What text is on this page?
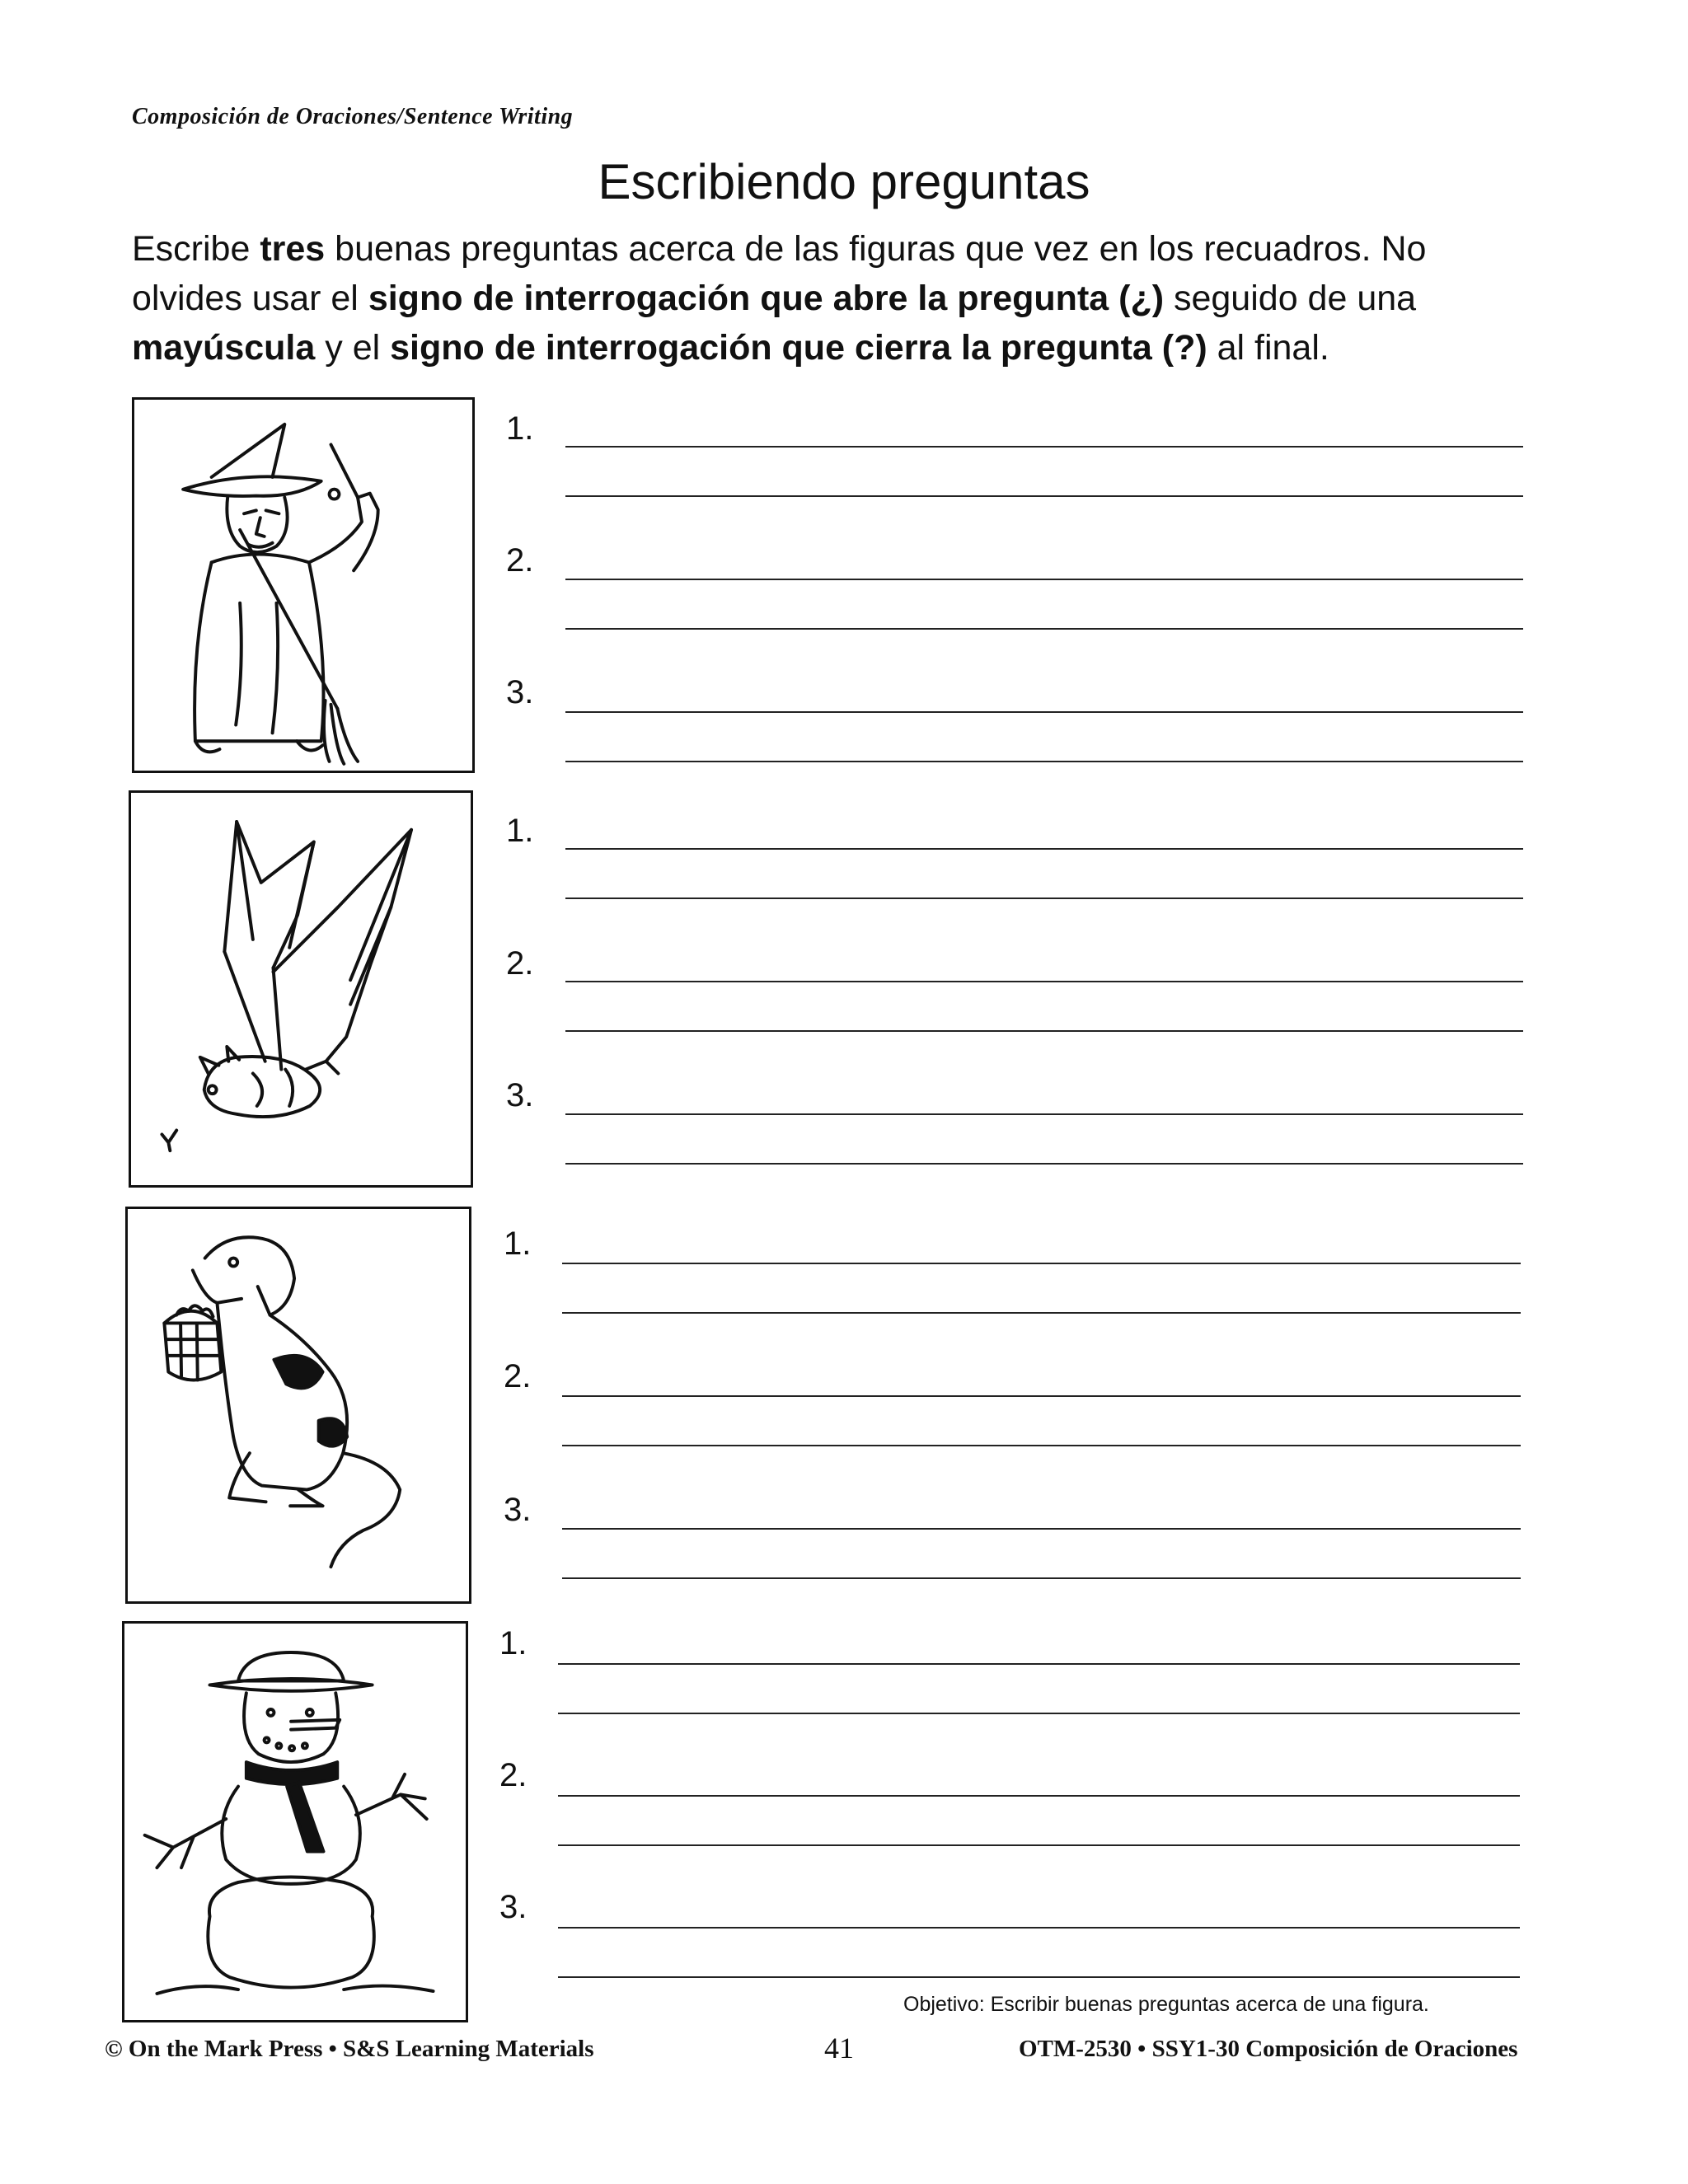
Composición de Oraciones/Sentence Writing
Escribiendo preguntas

Escribe tres buenas preguntas acerca de las figuras que vez en los recuadros. No olvides usar el signo de interrogación que abre la pregunta (¿) seguido de una mayúscula y el signo de interrogación que cierra la pregunta (?) al final.

1.
2.
3.
1.
2.
3.
1.
2.
3.
1.
2.
3.
Objetivo: Escribir buenas preguntas acerca de una figura.
© On the Mark Press • S&S Learning Materials	41	OTM-2530 • SSY1-30 Composición de Oraciones
